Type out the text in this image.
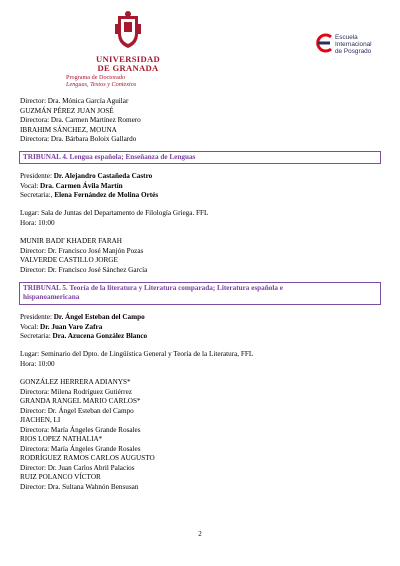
UNIVERSIDAD
DE GRANADA
Programa de Doctorado
Lenguas, Textos y Contextos
Escuela
Internacional
de Posgrado
Director: Dra. Mónica García Aguilar
GUZMÁN PÉREZ JUAN JOSÉ
Directora: Dra. Carmen Martínez Romero
IBRAHIM SÁNCHEZ, MOUNA
Directora: Dra. Bárbara Boloix Gallardo
TRIBUNAL 4. Lengua española; Enseñanza de Lenguas
Presidente: Dr. Alejandro Castañeda Castro
Vocal: Dra. Carmen Ávila Martín
Secretaria:, Elena Fernández de Molina Ortés
Lugar: Sala de Juntas del Departamento de Filología Griega. FFL
Hora: 10:00
MUNIR BADI' KHADER FARAH
Director: Dr. Francisco José Manjón Pozas
VALVERDE CASTILLO JORGE
Director: Dr. Francisco José Sánchez García
TRIBUNAL 5. Teoría de la literatura y Literatura comparada; Literatura española e
hispanoamericana
Presidente: Dr. Ángel Esteban del Campo
Vocal: Dr. Juan Varo Zafra
Secretaria: Dra. Azucena González Blanco
Lugar: Seminario del Dpto. de Lingüística General y Teoría de la Literatura, FFL
Hora: 10:00
GONZÁLEZ HERRERA ADIANYS*
Directora: Milena Rodríguez Gutiérrez
GRANDA RANGEL MARIO CARLOS*
Director: Dr. Ángel Esteban del Campo
JIACHEN, LI
Directora: María Ángeles Grande Rosales
RIOS LOPEZ NATHALIA*
Directora: María Ángeles Grande Rosales
RODRÍGUEZ RAMOS CARLOS AUGUSTO
Director: Dr. Juan Carlos Abril Palacios
RUIZ POLANCO VÍCTOR
Director: Dra. Sultana Wahnón Bensusan
2
